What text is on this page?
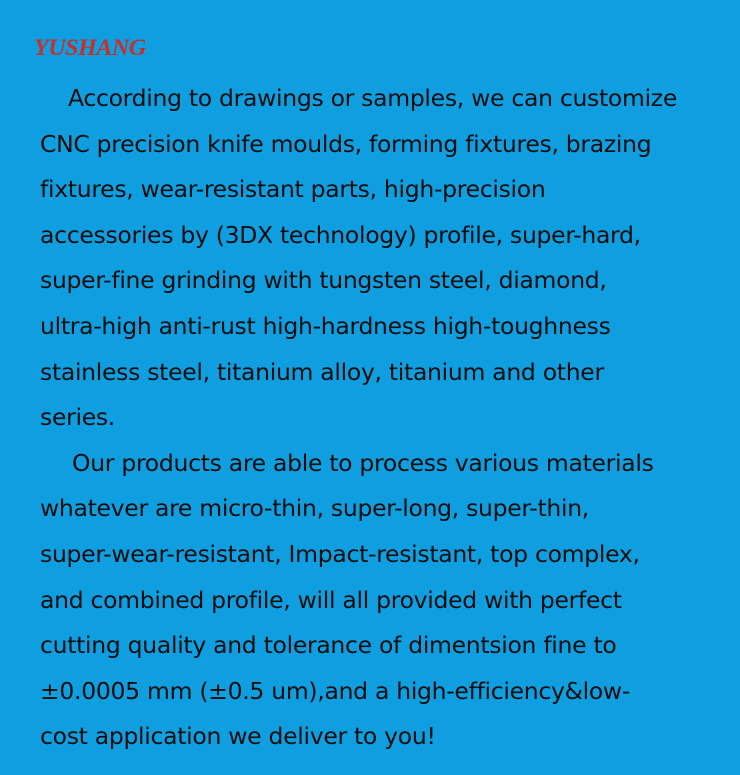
YUSHANG
According to drawings or samples, we can customize
CNC precision knife moulds, forming fixtures, brazing
fixtures, wear-resistant parts, high-precision
accessories by (3DX technology) profile, super-hard,
super-fine grinding with tungsten steel, diamond,
ultra-high anti-rust high-hardness high-toughness
stainless steel, titanium alloy, titanium and other
series.
Our products are able to process various materials
whatever are micro-thin, super-long, super-thin,
super-wear-resistant, Impact-resistant, top complex,
and combined profile, will all provided with perfect
cutting quality and tolerance of dimentsion fine to
±0.0005 mm (±0.5 um),and a high-efficiency&low-
cost application we deliver to you!
